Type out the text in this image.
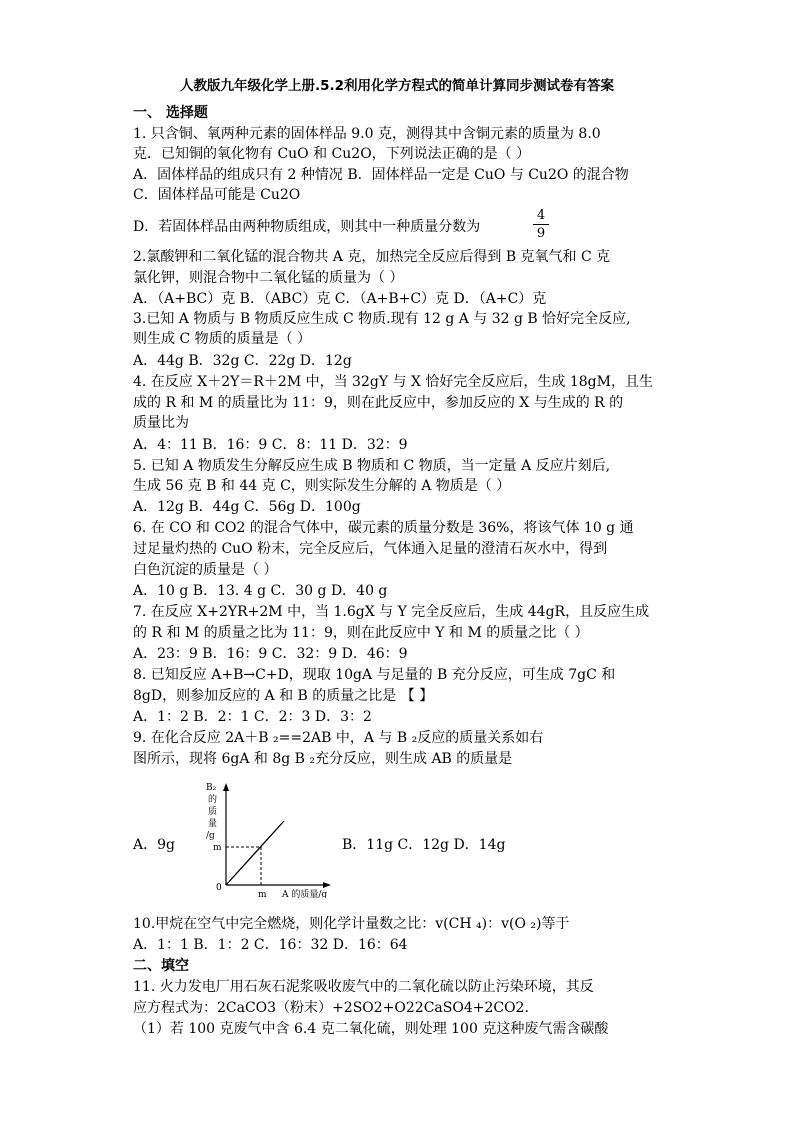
人教版九年级化学上册.5.2利用化学方程式的简单计算同步测试卷有答案
一、 选择题
1. 只含铜、氧两种元素的固体样品 9.0 克，测得其中含铜元素的质量为 8.0
克．已知铜的氧化物有 CuO 和 Cu2O，下列说法正确的是（ ）
A．固体样品的组成只有 2 种情况 B．固体样品一定是 CuO 与 Cu2O 的混合物
C．固体样品可能是 Cu2O
D．若固体样品由两种物质组成，则其中一种质量分数为
4
9
2.氯酸钾和二氧化锰的混合物共 A 克，加热完全反应后得到 B 克氧气和 C 克
氯化钾，则混合物中二氧化锰的质量为（ ）
A．（A+BC）克 B．（ABC）克 C．（A+B+C）克 D．（A+C）克
3.已知 A 物质与 B 物质反应生成 C 物质.现有 12 g A 与 32 g B 恰好完全反应,
则生成 C 物质的质量是（ ）
A．44g B．32g C．22g D．12g
4. 在反应 X＋2Y＝R＋2M 中，当 32gY 与 X 恰好完全反应后，生成 18gM，且生
成的 R 和 M 的质量比为 11：9，则在此反应中，参加反应的 X 与生成的 R 的
质量比为
A．4：11 B．16：9 C．8：11 D．32：9
5. 已知 A 物质发生分解反应生成 B 物质和 C 物质，当一定量 A 反应片刻后,
生成 56 克 B 和 44 克 C，则实际发生分解的 A 物质是（ ）
A．12g B．44g C．56g D．100g
6. 在 CO 和 CO2 的混合气体中，碳元素的质量分数是 36%，将该气体 10 g 通
过足量灼热的 CuO 粉末，完全反应后，气体通入足量的澄清石灰水中，得到
白色沉淀的质量是（ ）
A．10 g B．13. 4 g C．30 g D．40 g
7. 在反应 X+2YR+2M 中，当 1.6gX 与 Y 完全反应后，生成 44gR，且反应生成
的 R 和 M 的质量之比为 11：9，则在此反应中 Y 和 M 的质量之比（ ）
A．23：9 B．16：9 C．32：9 D．46：9
8. 已知反应 A+B→C+D，现取 10gA 与足量的 B 充分反应，可生成 7gC 和
8gD，则参加反应的 A 和 B 的质量之比是 【 】
A．1：2 B．2：1 C．2：3 D．3：2
9. 在化合反应 2A＋B ₂==2AB 中，A 与 B ₂反应的质量关系如右
图所示，现将 6gA 和 8g B ₂充分反应，则生成 AB 的质量是
A．9g
B₂
的
质
量
/g
m
0
m A 的质量/g
B．11g C．12g D．14g
10.甲烷在空气中完全燃烧，则化学计量数之比：v(CH ₄)：v(O ₂)等于
A．1：1 B．1：2 C．16：32 D．16：64
二、填空
11. 火力发电厂用石灰石泥浆吸收废气中的二氧化硫以防止污染环境，其反
应方程式为：2CaCO3（粉末）+2SO2+O22CaSO4+2CO2.
（1）若 100 克废气中含 6.4 克二氧化硫，则处理 100 克这种废气需含碳酸
